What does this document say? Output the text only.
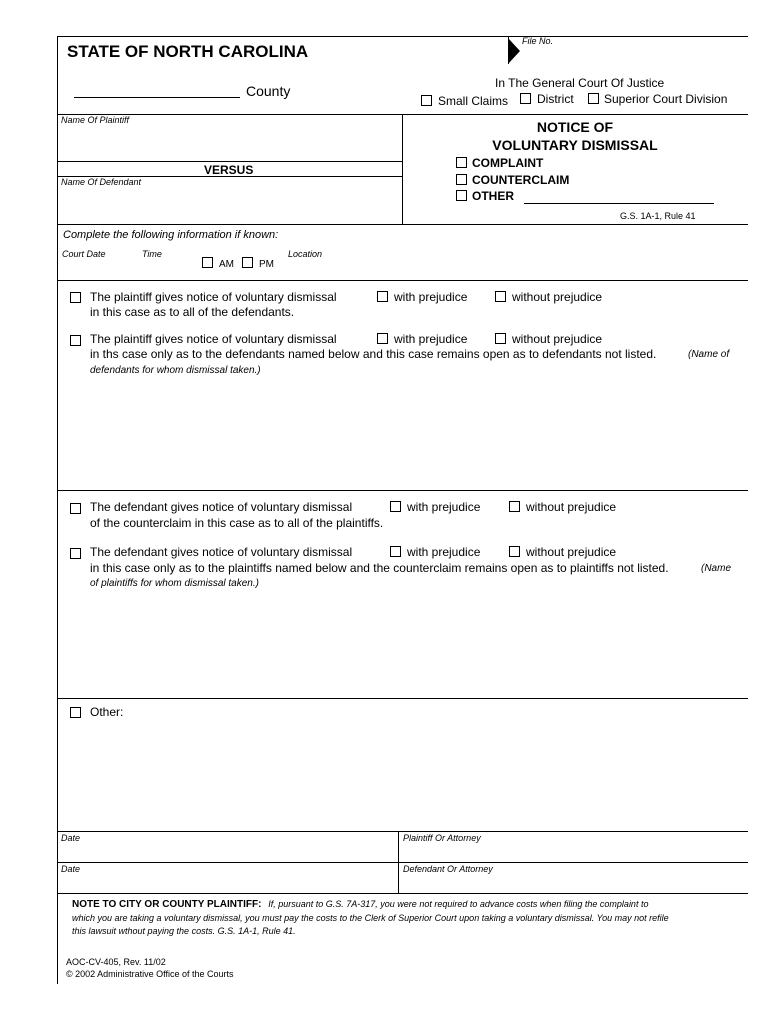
File No.
STATE OF NORTH CAROLINA
County	In The General Court Of Justice
Small Claims District	Superior Court Division
Name Of Plaintiff
VERSUS
Name Of Defendant
NOTICE OF
VOLUNTARY DISMISSAL
COMPLAINT
COUNTERCLAIM
OTHER
G.S. 1A-1, Rule 41
Complete the following information if known:
Court Date	Time	Location
AM	PM
The plaintiff gives notice of voluntary dismissal	with prejudice	without prejudice
in this case as to all of the defendants.
The plaintiff gives notice of voluntary dismissal	with prejudice	without prejudice
in ths case only as to the defendants named below and this case remains open as to defendants not listed.	(Name of
defendants for whom dismissal taken.)
The defendant gives notice of voluntary dismissal	with prejudice	without prejudice
of the counterclaim in this case as to all of the plaintiffs.
The defendant gives notice of voluntary dismissal	with prejudice	without prejudice
in this case only as to the plaintiffs named below and the counterclaim remains open as to plaintiffs not listed.	(Name
of plaintiffs for whom dismissal taken.)
Other:
Date	Plaintiff Or Attorney
Date	Defendant Or Attorney
NOTE TO CITY OR COUNTY PLAINTIFF: If, pursuant to G.S. 7A-317, you were not required to advance costs when filing the complaint to
which you are taking a voluntary dismissal, you must pay the costs to the Clerk of Superior Court upon taking a voluntary dismissal. You may not refile
this lawsuit wthout paying the costs. G.S. 1A-1, Rule 41.
AOC-CV-405, Rev. 11/02
© 2002 Administrative Office of the Courts
